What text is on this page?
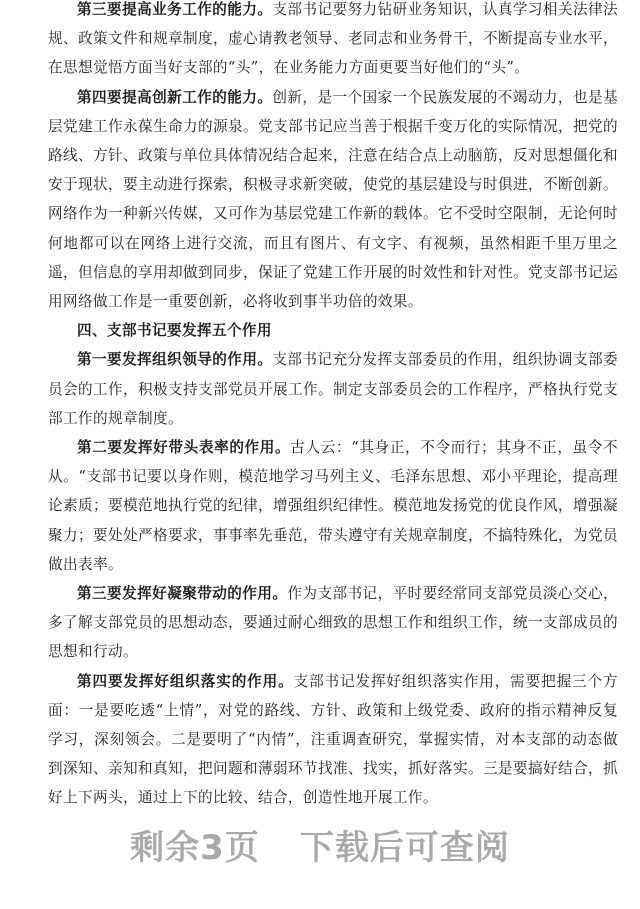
第三要提高业务工作的能力。支部书记要努力钻研业务知识，认真学习相关法律法规、政策文件和规章制度，虚心请教老领导、老同志和业务骨干，不断提高专业水平，在思想觉悟方面当好支部的“头”，在业务能力方面更要当好他们的“头”。

第四要提高创新工作的能力。创新，是一个国家一个民族发展的不竭动力，也是基层党建工作永葆生命力的源泉。党支部书记应当善于根据千变万化的实际情况，把党的路线、方针、政策与单位具体情况结合起来，注意在结合点上动脑筋，反对思想僵化和安于现状，要主动进行探索，积极寻求新突破，使党的基层建设与时俱进，不断创新。网络作为一种新兴传媒，又可作为基层党建工作新的载体。它不受时空限制，无论何时何地都可以在网络上进行交流，而且有图片、有文字、有视频，虽然相距千里万里之遥，但信息的享用却做到同步，保证了党建工作开展的时效性和针对性。党支部书记运用网络做工作是一重要创新，必将收到事半功倍的效果。

四、支部书记要发挥五个作用

第一要发挥组织领导的作用。支部书记充分发挥支部委员的作用，组织协调支部委员会的工作，积极支持支部党员开展工作。制定支部委员会的工作程序，严格执行党支部工作的规章制度。

第二要发挥好带头表率的作用。古人云：“其身正，不令而行；其身不正，虽令不从。“支部书记要以身作则，模范地学习马列主义、毛泽东思想、邓小平理论，提高理论素质；要模范地执行党的纪律，增强组织纪律性。模范地发扬党的优良作风，增强凝聚力；要处处严格要求，事事率先垂范，带头遵守有关规章制度，不搞特殊化，为党员做出表率。

第三要发挥好凝聚带动的作用。作为支部书记，平时要经常同支部党员淡心交心，多了解支部党员的思想动态，要通过耐心细致的思想工作和组织工作，统一支部成员的思想和行动。

第四要发挥好组织落实的作用。支部书记发挥好组织落实作用，需要把握三个方面：一是要吃透“上情”，对党的路线、方针、政策和上级党委、政府的指示精神反复学习，深刻领会。二是要明了“内情”，注重调查研究，掌握实情，对本支部的动态做到深知、亲知和真知，把问题和薄弱环节找准、找实，抓好落实。三是要搞好结合，抓好上下两头，通过上下的比较、结合，创造性地开展工作。

剩余3页 下载后可查阅
